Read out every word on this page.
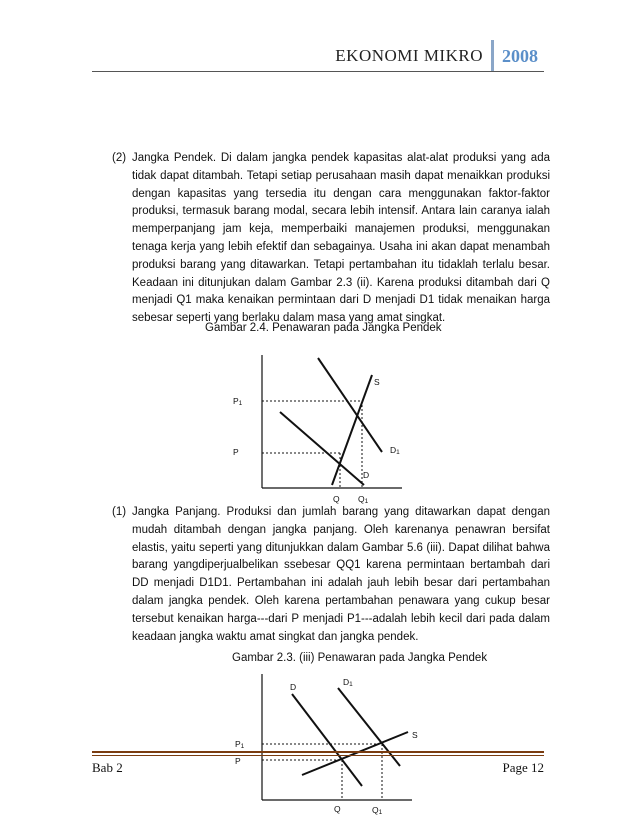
EKONOMI MIKRO	2008
(2) Jangka Pendek. Di dalam jangka pendek kapasitas alat-alat produksi yang ada tidak dapat ditambah. Tetapi setiap perusahaan masih dapat menaikkan produksi dengan kapasitas yang tersedia itu dengan cara menggunakan faktor-faktor produksi, termasuk barang modal, secara lebih intensif. Antara lain caranya ialah memperpanjang jam keja, memperbaiki manajemen produksi, menggunakan tenaga kerja yang lebih efektif dan sebagainya. Usaha ini akan dapat menambah produksi barang yang ditawarkan. Tetapi pertambahan itu tidaklah terlalu besar. Keadaan ini ditunjukan dalam Gambar 2.3 (ii). Karena produksi ditambah dari Q menjadi Q1 maka kenaikan permintaan dari D menjadi D1 tidak menaikan harga sebesar seperti yang berlaku dalam masa yang amat singkat.
Gambar 2.4. Penawaran pada Jangka Pendek
S
P1
P	D1
D
Q Q1
(1) Jangka Panjang. Produksi dan jumlah barang yang ditawarkan dapat dengan mudah ditambah dengan jangka panjang. Oleh karenanya penawran bersifat elastis, yaitu seperti yang ditunjukkan dalam Gambar 5.6 (iii). Dapat dilihat bahwa barang yangdiperjualbelikan ssebesar QQ1 karena permintaan bertambah dari DD menjadi D1D1. Pertambahan ini adalah jauh lebih besar dari pertambahan dalam jangka pendek. Oleh karena pertambahan penawara yang cukup besar tersebut kenaikan harga---dari P menjadi P1---adalah lebih kecil dari pada dalam keadaan jangka waktu amat singkat dan jangka pendek.
Gambar 2.3. (iii) Penawaran pada Jangka Pendek
D	D1
S
P1
P
Q	Q1
Bab 2	Page 12
